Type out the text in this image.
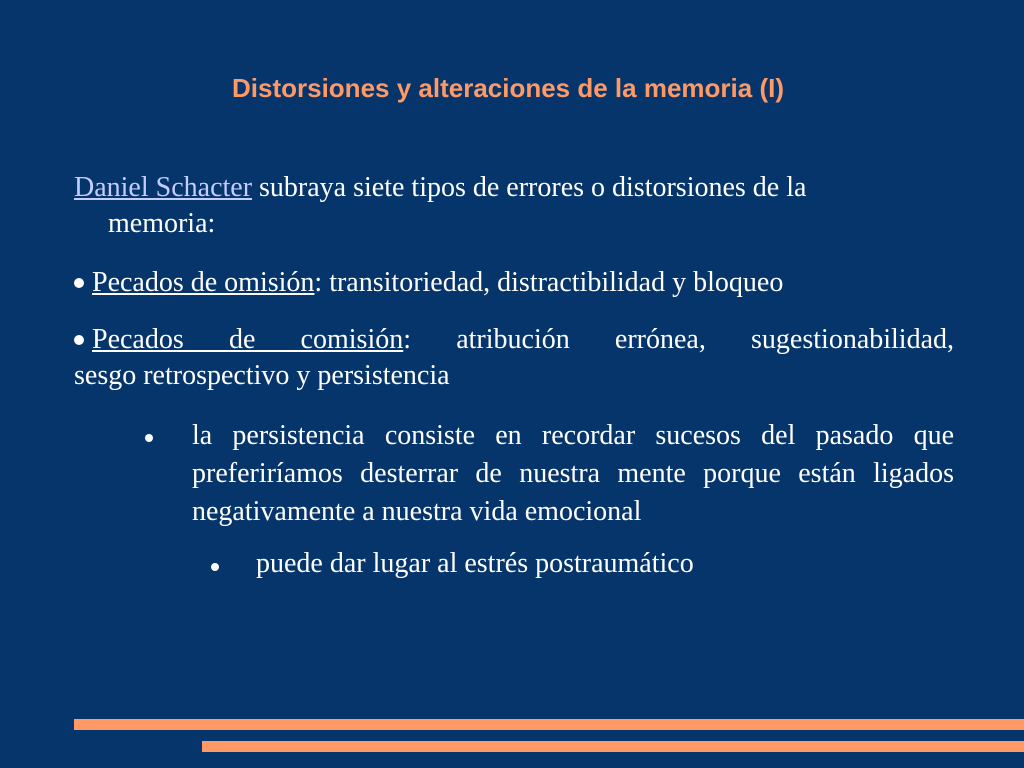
Distorsiones y alteraciones de la memoria (I)
Daniel Schacter subraya siete tipos de errores o distorsiones de la
memoria:
Pecados de omisión: transitoriedad, distractibilidad y bloqueo
Pecados de comisión: atribución errónea, sugestionabilidad,
sesgo retrospectivo y persistencia
la persistencia consiste en recordar sucesos del pasado que preferiríamos desterrar de nuestra mente porque están ligados negativamente a nuestra vida emocional
puede dar lugar al estrés postraumático
